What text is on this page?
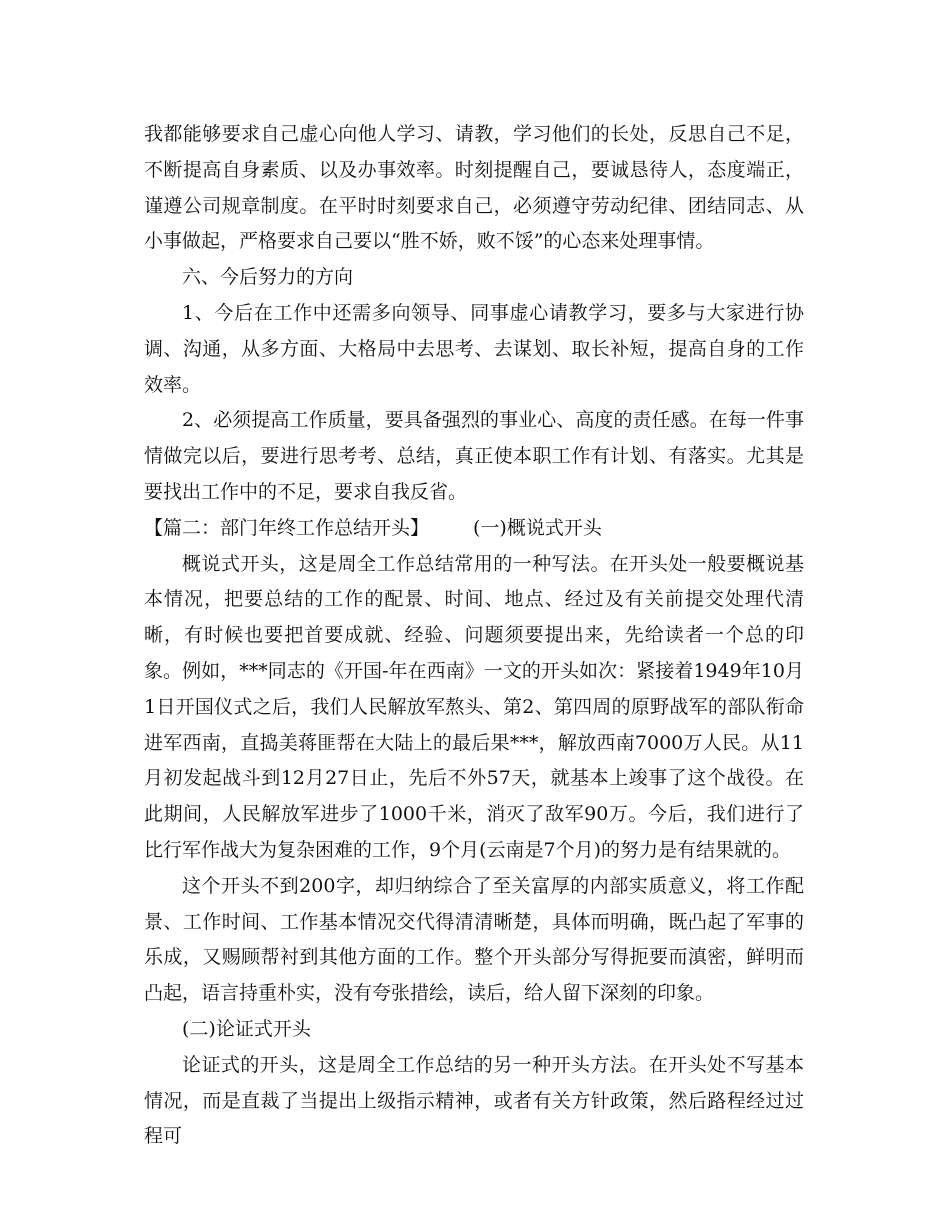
我都能够要求自己虚心向他人学习、请教，学习他们的长处，反思自己不足，不断提高自身素质、以及办事效率。时刻提醒自己，要诚恳待人，态度端正，谨遵公司规章制度。在平时时刻要求自己，必须遵守劳动纪律、团结同志、从小事做起，严格要求自己要以“胜不娇，败不馁”的心态来处理事情。

六、今后努力的方向

1、今后在工作中还需多向领导、同事虚心请教学习，要多与大家进行协调、沟通，从多方面、大格局中去思考、去谋划、取长补短，提高自身的工作效率。

2、必须提高工作质量，要具备强烈的事业心、高度的责任感。在每一件事情做完以后，要进行思考考、总结，真正使本职工作有计划、有落实。尤其是要找出工作中的不足，要求自我反省。

【篇二：部门年终工作总结开头】 (一)概说式开头

概说式开头，这是周全工作总结常用的一种写法。在开头处一般要概说基本情况，把要总结的工作的配景、时间、地点、经过及有关前提交处理代清晰，有时候也要把首要成就、经验、问题须要提出来，先给读者一个总的印象。例如，***同志的《开国-年在西南》一文的开头如次：紧接着1949年10月1日开国仪式之后，我们人民解放军熬头、第2、第四周的原野战军的部队衔命进军西南，直捣美蒋匪帮在大陆上的最后果***，解放西南7000万人民。从11月初发起战斗到12月27日止，先后不外57天，就基本上竣事了这个战役。在此期间，人民解放军进步了1000千米，消灭了敌军90万。今后，我们进行了比行军作战大为复杂困难的工作，9个月(云南是7个月)的努力是有结果就的。

这个开头不到200字，却归纳综合了至关富厚的内部实质意义，将工作配景、工作时间、工作基本情况交代得清清晰楚，具体而明确，既凸起了军事的乐成，又赐顾帮衬到其他方面的工作。整个开头部分写得扼要而滇密，鲜明而凸起，语言持重朴实，没有夸张措绘，读后，给人留下深刻的印象。

(二)论证式开头

论证式的开头，这是周全工作总结的另一种开头方法。在开头处不写基本情况，而是直裁了当提出上级指示精神，或者有关方针政策，然后路程经过过程可
